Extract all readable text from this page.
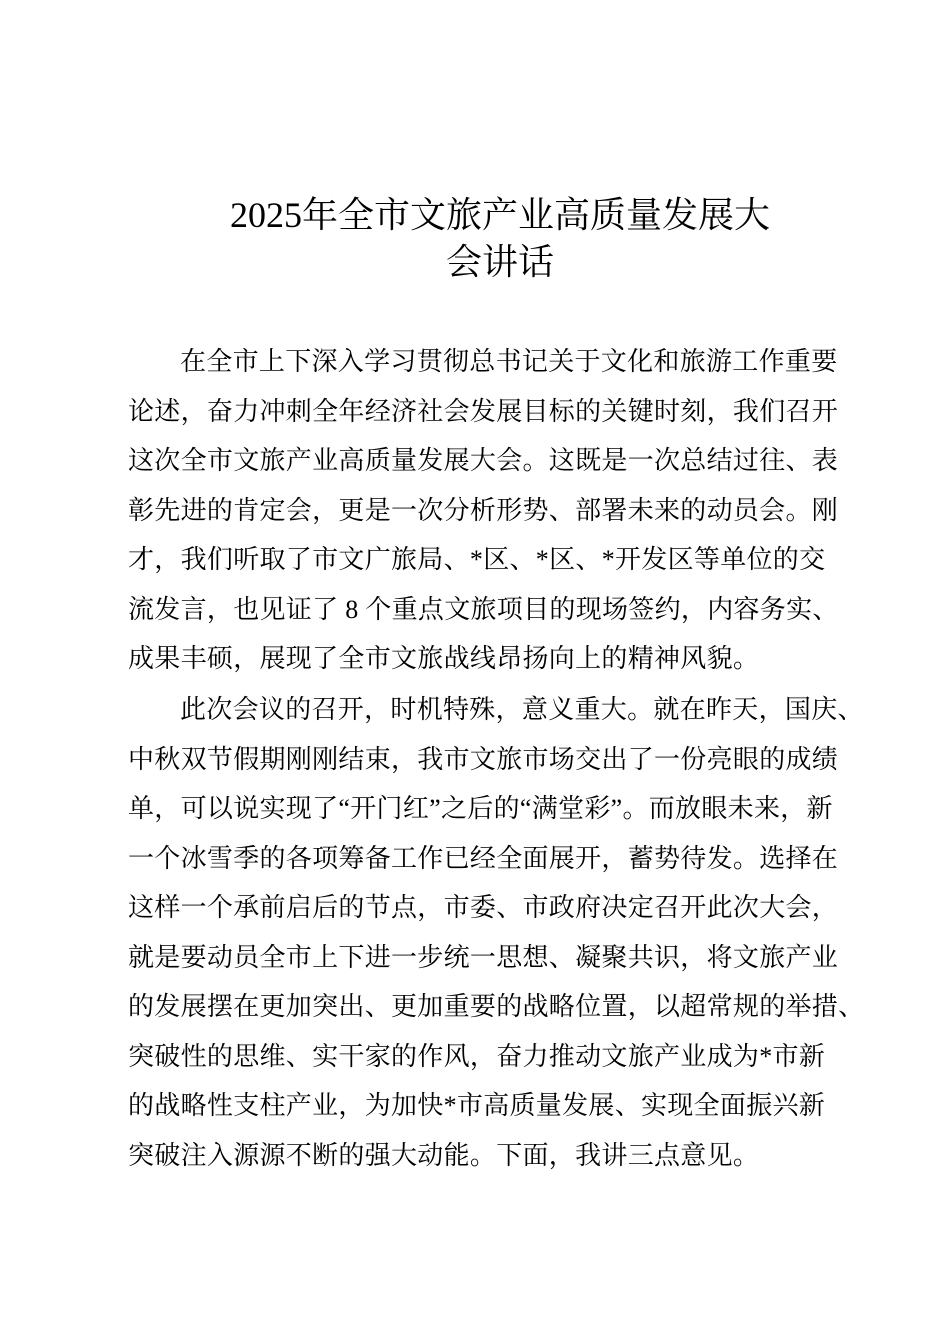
2025年全市文旅产业高质量发展大
会讲话
在全市上下深入学习贯彻总书记关于文化和旅游工作重要
论述，奋力冲刺全年经济社会发展目标的关键时刻，我们召开
这次全市文旅产业高质量发展大会。这既是一次总结过往、表
彰先进的肯定会，更是一次分析形势、部署未来的动员会。刚
才，我们听取了市文广旅局、*区、*区、*开发区等单位的交
流发言，也见证了 8 个重点文旅项目的现场签约，内容务实、
成果丰硕，展现了全市文旅战线昂扬向上的精神风貌。
此次会议的召开，时机特殊，意义重大。就在昨天，国庆、
中秋双节假期刚刚结束，我市文旅市场交出了一份亮眼的成绩
单，可以说实现了“开门红”之后的“满堂彩”。而放眼未来，新
一个冰雪季的各项筹备工作已经全面展开，蓄势待发。选择在
这样一个承前启后的节点，市委、市政府决定召开此次大会，
就是要动员全市上下进一步统一思想、凝聚共识，将文旅产业
的发展摆在更加突出、更加重要的战略位置，以超常规的举措、
突破性的思维、实干家的作风，奋力推动文旅产业成为*市新
的战略性支柱产业，为加快*市高质量发展、实现全面振兴新
突破注入源源不断的强大动能。下面，我讲三点意见。
